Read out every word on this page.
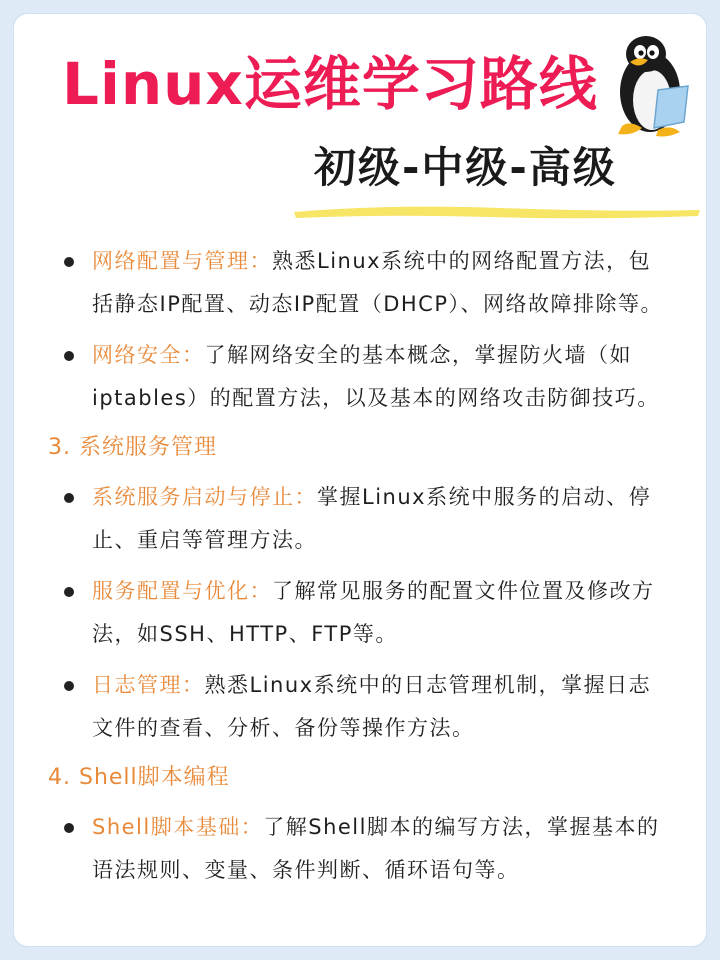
Linux运维学习路线
初级-中级-高级
网络配置与管理：熟悉Linux系统中的网络配置方法，包括静态IP配置、动态IP配置（DHCP）、网络故障排除等。
网络安全：了解网络安全的基本概念，掌握防火墙（如iptables）的配置方法，以及基本的网络攻击防御技巧。
3. 系统服务管理
系统服务启动与停止：掌握Linux系统中服务的启动、停止、重启等管理方法。
服务配置与优化：了解常见服务的配置文件位置及修改方法，如SSH、HTTP、FTP等。
日志管理：熟悉Linux系统中的日志管理机制，掌握日志文件的查看、分析、备份等操作方法。
4. Shell脚本编程
Shell脚本基础：了解Shell脚本的编写方法，掌握基本的语法规则、变量、条件判断、循环语句等。
